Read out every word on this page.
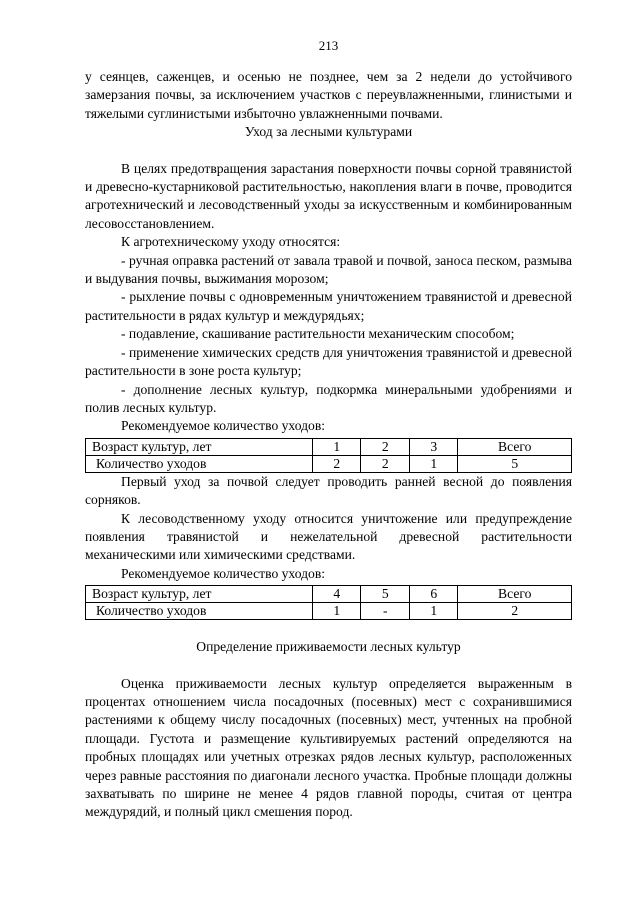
213

у сеянцев, саженцев, и осенью не позднее, чем за 2 недели до устойчивого замерзания почвы, за исключением участков с переувлажненными, глинистыми и тяжелыми суглинистыми избыточно увлажненными почвами.

Уход за лесными культурами

В целях предотвращения зарастания поверхности почвы сорной травянистой и древесно-кустарниковой растительностью, накопления влаги в почве, проводится агротехнический и лесоводственный уходы за искусственным и комбинированным лесовосстановлением.

К агротехническому уходу относятся:

- ручная оправка растений от завала травой и почвой, заноса песком, размыва и выдувания почвы, выжимания морозом;

- рыхление почвы с одновременным уничтожением травянистой и древесной растительности в рядах культур и междурядьях;

- подавление, скашивание растительности механическим способом;

- применение химических средств для уничтожения травянистой и древесной растительности в зоне роста культур;

- дополнение лесных культур, подкормка минеральными удобрениями и полив лесных культур.

Рекомендуемое количество уходов:

Возраст культур, лет	1	2	3	Всего
Количество уходов	2	2	1	5

Первый уход за почвой следует проводить ранней весной до появления сорняков.

К лесоводственному уходу относится уничтожение или предупреждение появления травянистой и нежелательной древесной растительности механическими или химическими средствами.

Рекомендуемое количество уходов:

Возраст культур, лет	4	5	6	Всего
Количество уходов	1	-	1	2
Определение приживаемости лесных культур

Оценка приживаемости лесных культур определяется выраженным в процентах отношением числа посадочных (посевных) мест с сохранившимися растениями к общему числу посадочных (посевных) мест, учтенных на пробной площади. Густота и размещение культивируемых растений определяются на пробных площадях или учетных отрезках рядов лесных культур, расположенных через равные расстояния по диагонали лесного участка. Пробные площади должны захватывать по ширине не менее 4 рядов главной породы, считая от центра междурядий, и полный цикл смешения пород.
